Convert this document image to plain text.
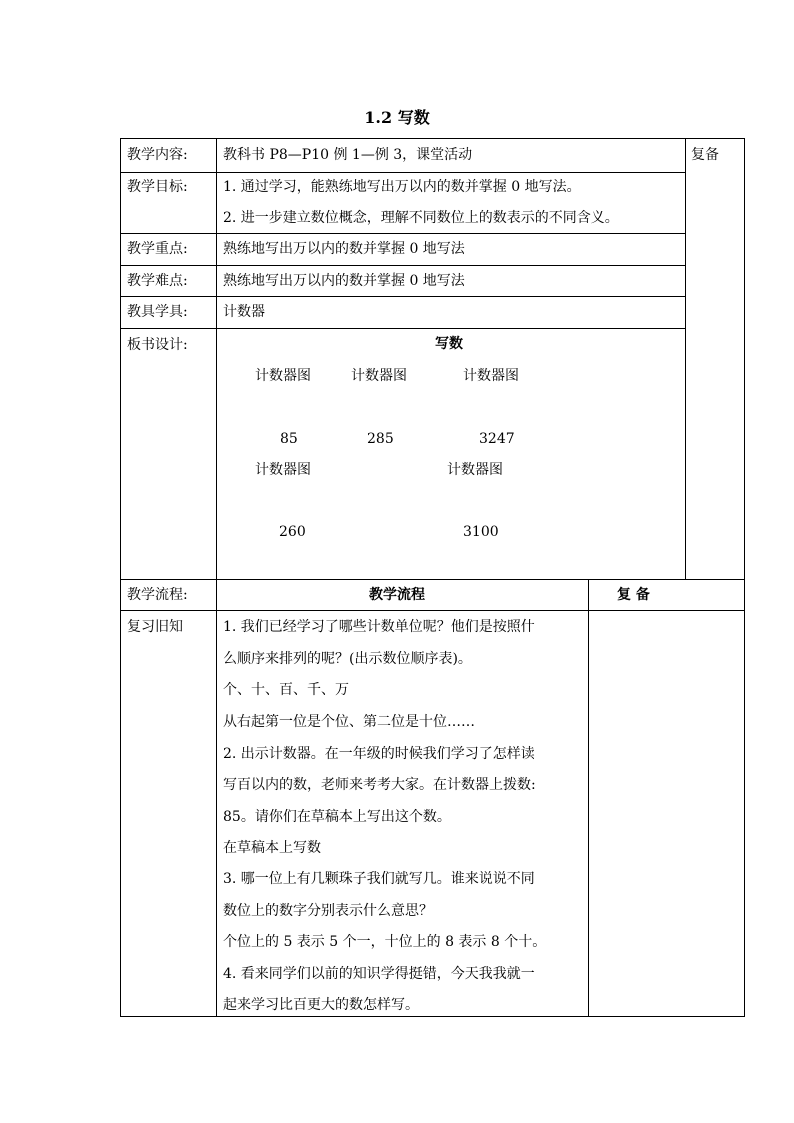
1.2 写数
教学内容:	教科书 P8—P10 例 1—例 3，课堂活动	复备
教学目标:	1. 通过学习，能熟练地写出万以内的数并掌握 0 地写法。
2. 进一步建立数位概念，理解不同数位上的数表示的不同含义。
教学重点:	熟练地写出万以内的数并掌握 0 地写法
教学难点:	熟练地写出万以内的数并掌握 0 地写法
教具学具:	计数器
板书设计:	写数
计数器图	计数器图	计数器图
85	285	3247
计数器图	计数器图
260	3100
教学流程:	教学流程	复 备
复习旧知	1. 我们已经学习了哪些计数单位呢？他们是按照什
么顺序来排列的呢？(出示数位顺序表)。
个、十、百、千、万
从右起第一位是个位、第二位是十位……
2. 出示计数器。在一年级的时候我们学习了怎样读
写百以内的数，老师来考考大家。在计数器上拨数:
85。请你们在草稿本上写出这个数。
在草稿本上写数
3. 哪一位上有几颗珠子我们就写几。谁来说说不同
数位上的数字分别表示什么意思？
个位上的 5 表示 5 个一，十位上的 8 表示 8 个十。
4. 看来同学们以前的知识学得挺错，今天我我就一
起来学习比百更大的数怎样写。
